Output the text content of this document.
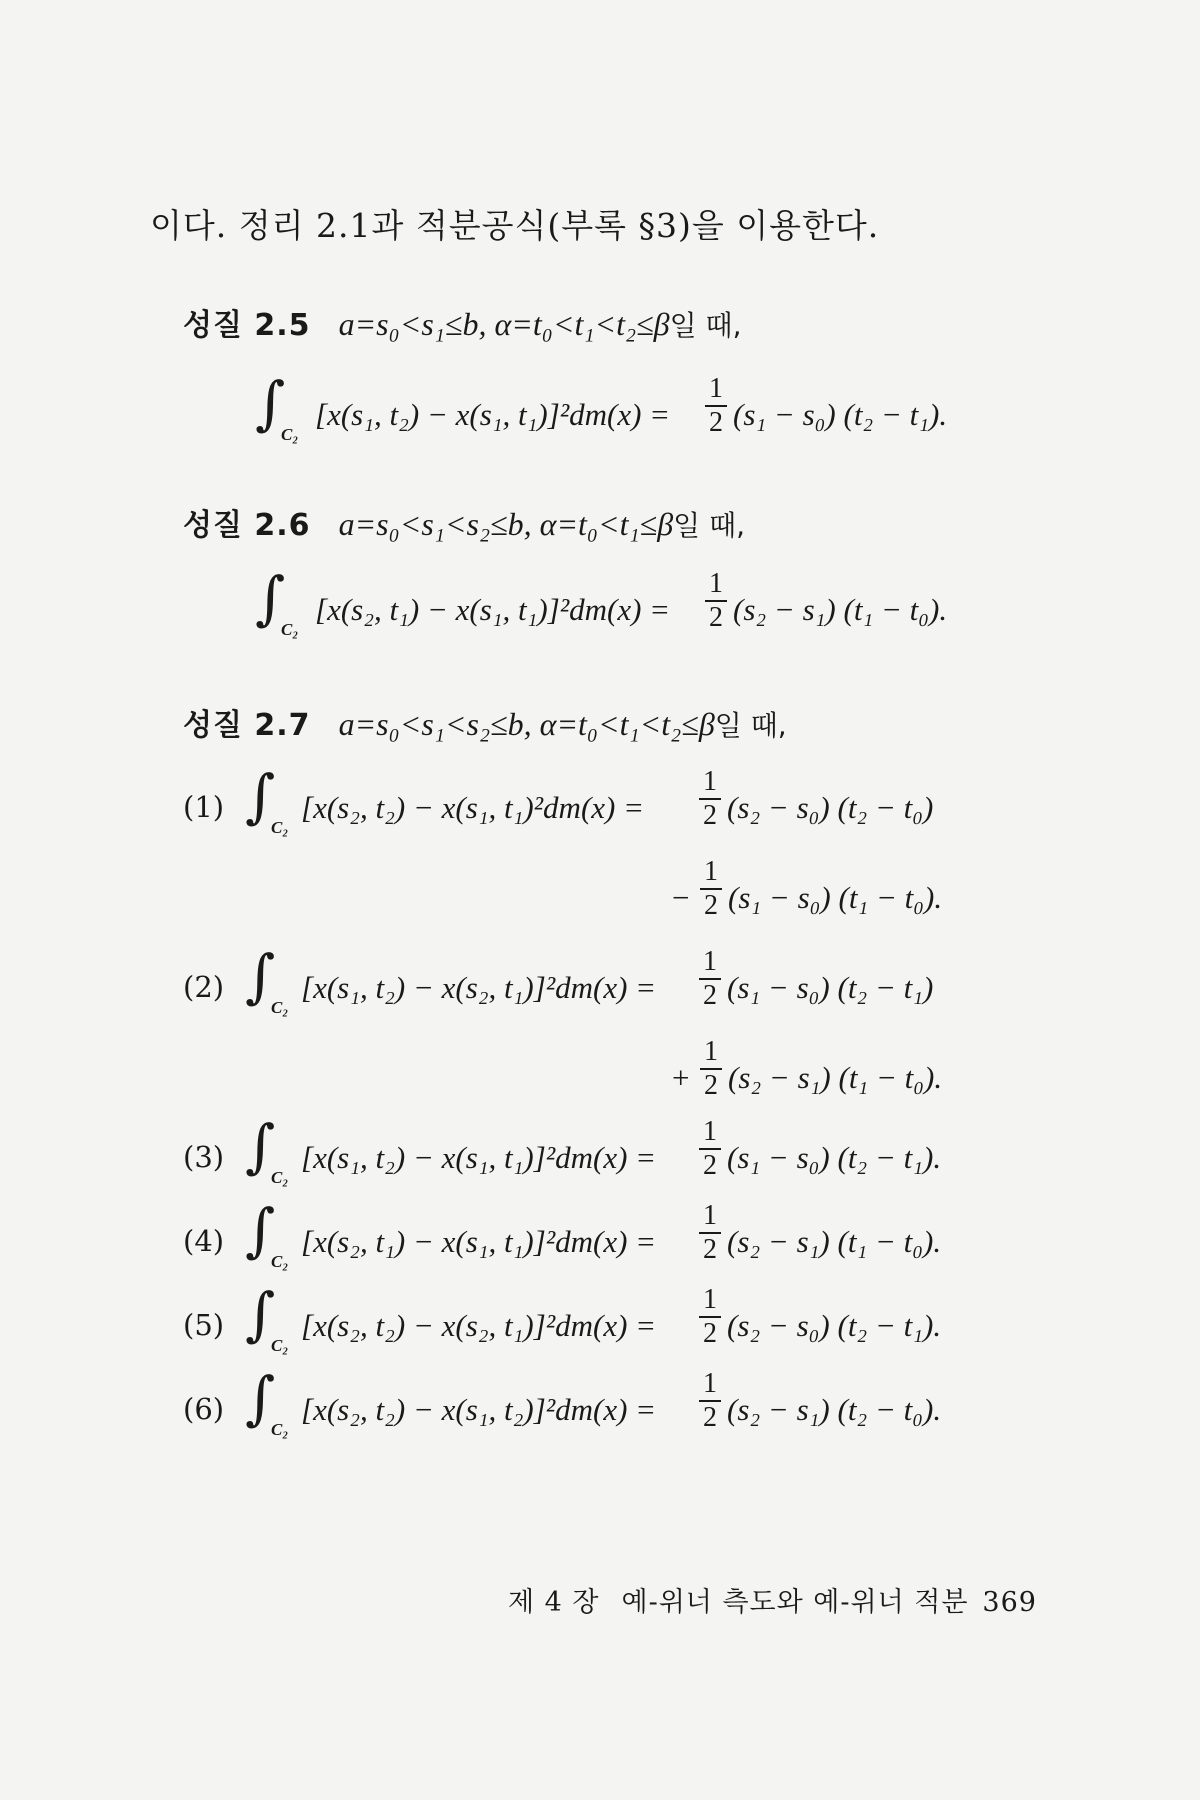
이다. 정리 2.1과 적분공식(부록 §3)을 이용한다.
성질 2.5 a=s₀<s₁≤b, α=t₀<t₁<t₂≤β일 때,
∫
C₂
[x(s₁, t₂) − x(s₁, t₁)]²dm(x) =
1
2 (s₁ − s₀) (t₂ − t₁).
성질 2.6 a=s₀<s₁<s₂≤b, α=t₀<t₁≤β일 때,
∫
C₂
[x(s₂, t₁) − x(s₁, t₁)]²dm(x) =
1
2 (s₂ − s₁) (t₁ − t₀).
성질 2.7 a=s₀<s₁<s₂≤b, α=t₀<t₁<t₂≤β일 때,
(1) ∫
C₂
[x(s₂, t₂) − x(s₁, t₁)²dm(x) =
1
2 (s₂ − s₀) (t₂ − t₀)
−
1
2 (s₁ − s₀) (t₁ − t₀).
(2) ∫
C₂
[x(s₁, t₂) − x(s₂, t₁)]²dm(x) =
1
2 (s₁ − s₀) (t₂ − t₁)
+
1
2 (s₂ − s₁) (t₁ − t₀).
(3) ∫
C₂
[x(s₁, t₂) − x(s₁, t₁)]²dm(x) =
1
2 (s₁ − s₀) (t₂ − t₁).
(4) ∫
C₂
[x(s₂, t₁) − x(s₁, t₁)]²dm(x) =
1
2 (s₂ − s₁) (t₁ − t₀).
(5) ∫
C₂
[x(s₂, t₂) − x(s₂, t₁)]²dm(x) =
1
2 (s₂ − s₀) (t₂ − t₁).
(6) ∫
C₂
[x(s₂, t₂) − x(s₁, t₂)]²dm(x) =
1
2 (s₂ − s₁) (t₂ − t₀).
제 4 장 예-위너 측도와 예-위너 적분 369
